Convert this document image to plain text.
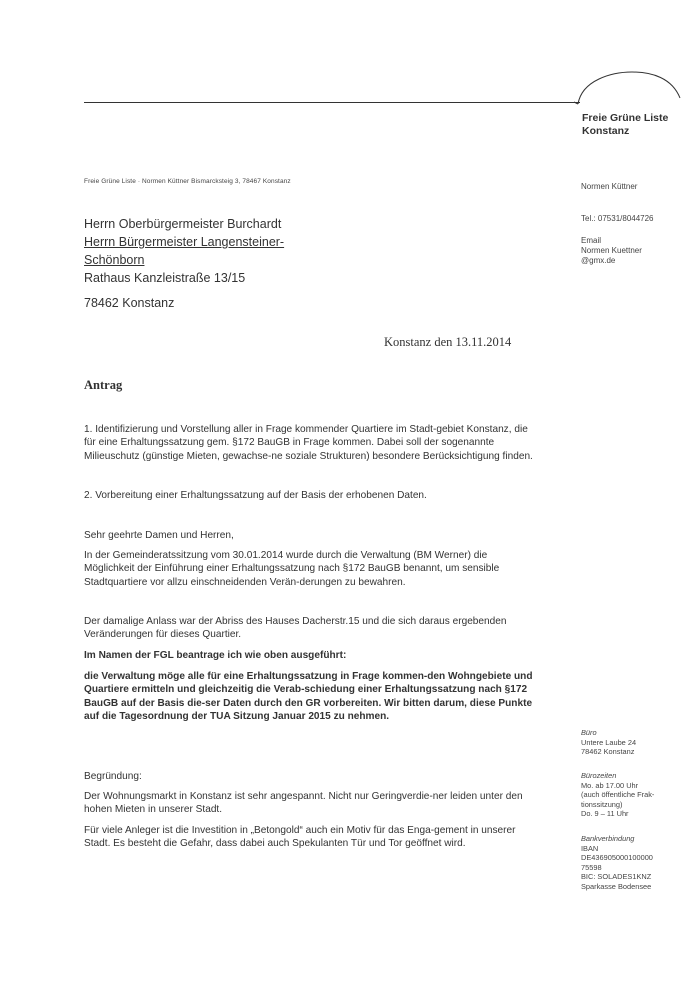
Freie Grüne Liste
Konstanz
Freie Grüne Liste · Normen Küttner Bismarcksteig 3, 78467 Konstanz
Normen Küttner
Tel.: 07531/8044726
Email
Normen Kuettner
@gmx.de
Herrn Oberbürgermeister Burchardt
Herrn Bürgermeister Langensteiner-
Schönborn
Rathaus Kanzleistraße 13/15
78462 Konstanz
Konstanz den 13.11.2014
Antrag
1. Identifizierung und Vorstellung aller in Frage kommender Quartiere im Stadt-gebiet Konstanz, die für eine Erhaltungssatzung gem. §172 BauGB in Frage kommen. Dabei soll der sogenannte Milieuschutz (günstige Mieten, gewachse-ne soziale Strukturen) besondere Berücksichtigung finden.
2. Vorbereitung einer Erhaltungssatzung auf der Basis der erhobenen Daten.
Sehr geehrte Damen und Herren,
In der Gemeinderatssitzung vom 30.01.2014 wurde durch die Verwaltung (BM Werner) die Möglichkeit der Einführung einer Erhaltungssatzung nach §172 BauGB benannt, um sensible Stadtquartiere vor allzu einschneidenden Verän-derungen zu bewahren.
Der damalige Anlass war der Abriss des Hauses Dacherstr.15 und die sich daraus ergebenden Veränderungen für dieses Quartier.
Im Namen der FGL beantrage ich wie oben ausgeführt:
die Verwaltung möge alle für eine Erhaltungssatzung in Frage kommen-den Wohngebiete und Quartiere ermitteln und gleichzeitig die Verab-schiedung einer Erhaltungssatzung nach §172 BauGB auf der Basis die-ser Daten durch den GR vorbereiten. Wir bitten darum, diese Punkte auf die Tagesordnung der TUA Sitzung Januar 2015 zu nehmen.
Begründung:
Der Wohnungsmarkt in Konstanz ist sehr angespannt. Nicht nur Geringverdie-ner leiden unter den hohen Mieten in unserer Stadt.
Für viele Anleger ist die Investition in „Betongold“ auch ein Motiv für das Enga-gement in unserer Stadt. Es besteht die Gefahr, dass dabei auch Spekulanten Tür und Tor geöffnet wird.
Büro
Untere Laube 24
78462 Konstanz
Bürozeiten
Mo. ab 17.00 Uhr
(auch öffentliche Frak-
tionssitzung)
Do. 9 – 11 Uhr
Bankverbindung
IBAN
DE436905000100000
75598
BIC: SOLADES1KNZ
Sparkasse Bodensee
